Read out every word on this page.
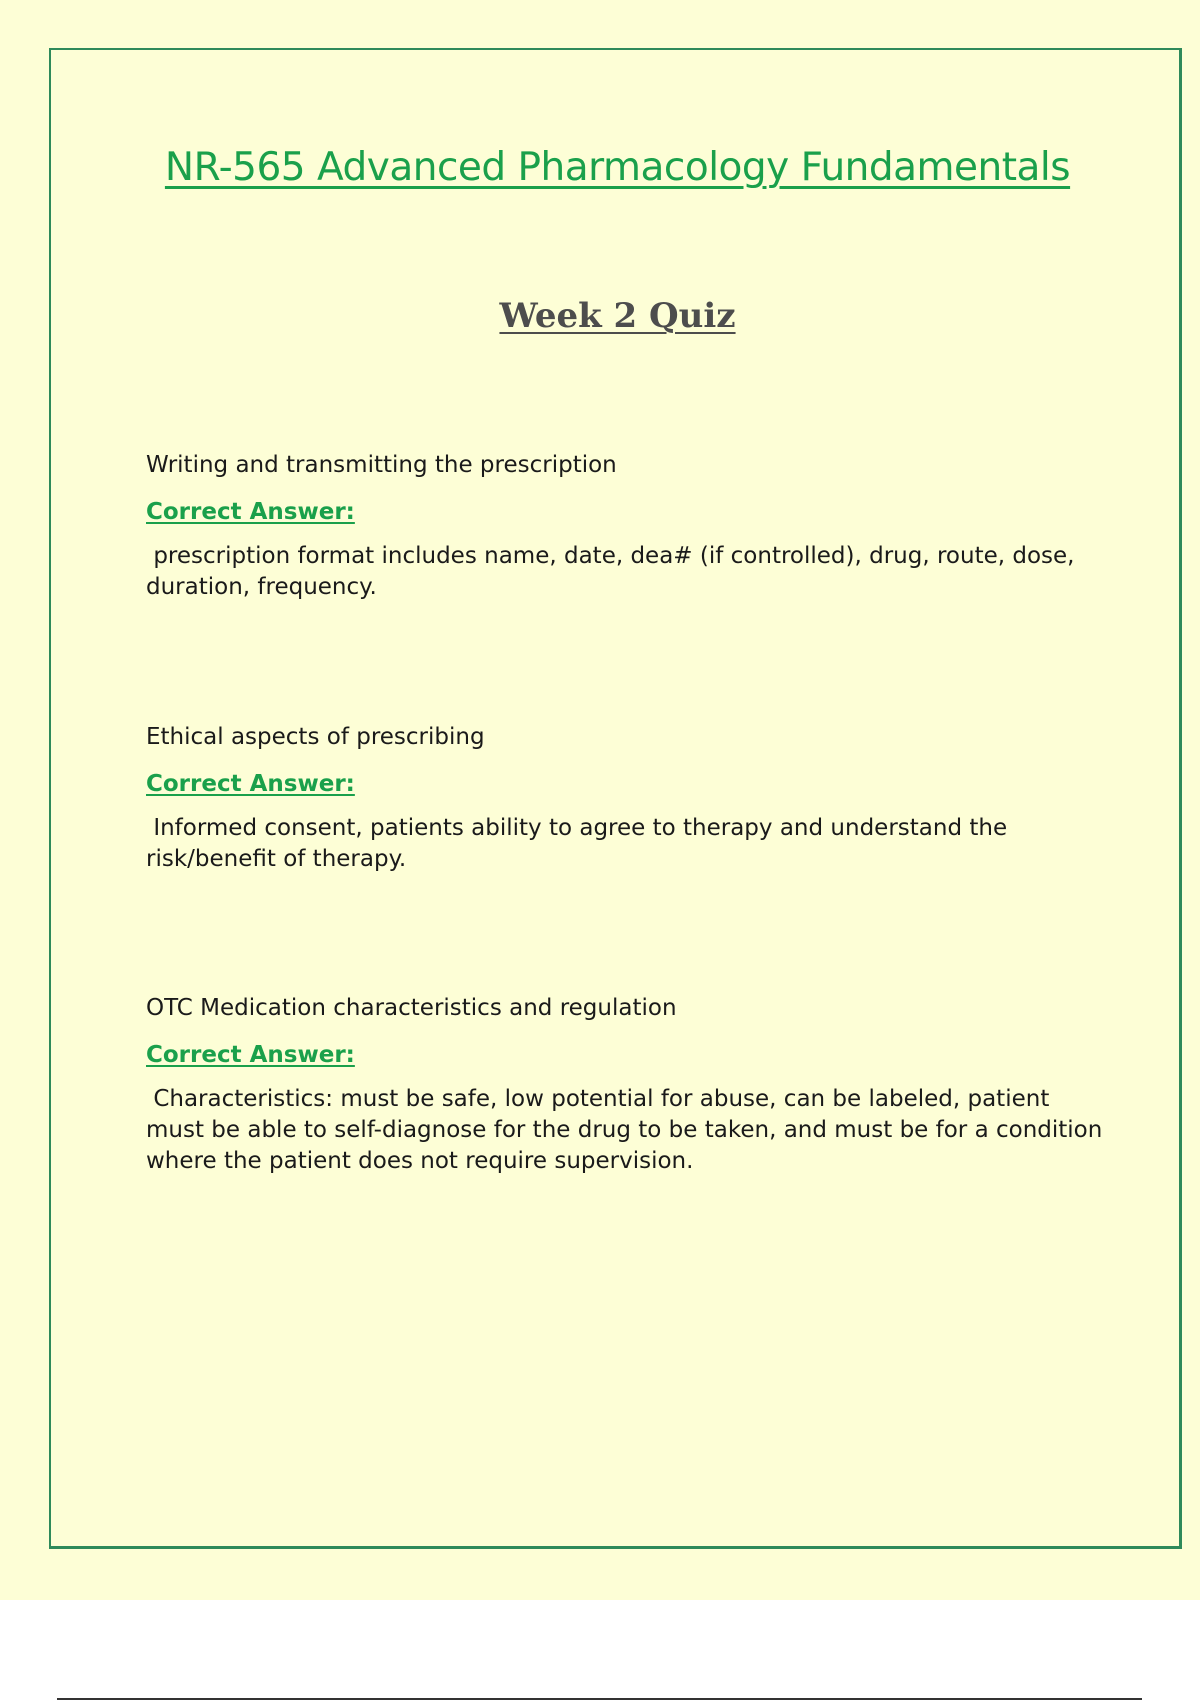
NR-565 Advanced Pharmacology Fundamentals
Week 2 Quiz

Writing and transmitting the prescription

Correct Answer:

prescription format includes name, date, dea# (if controlled), drug, route, dose, duration, frequency.

Ethical aspects of prescribing

Correct Answer:

Informed consent, patients ability to agree to therapy and understand the risk/benefit of therapy.

OTC Medication characteristics and regulation

Correct Answer:

Characteristics: must be safe, low potential for abuse, can be labeled, patient must be able to self-diagnose for the drug to be taken, and must be for a condition where the patient does not require supervision.
